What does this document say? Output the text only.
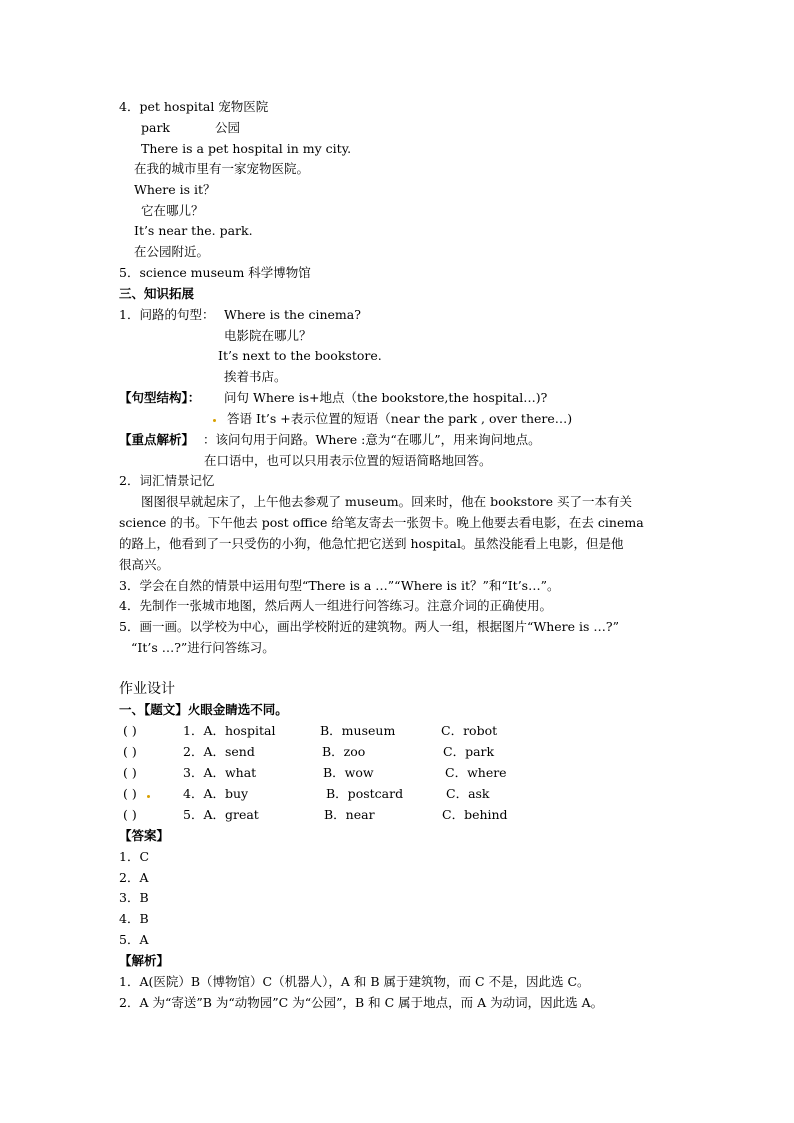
4．pet hospital 宠物医院
park	公园
There is a pet hospital in my city.
在我的城市里有一家宠物医院。
Where is it？
它在哪儿？
It’s near the. park.
在公园附近。
5．science museum 科学博物馆
三、知识拓展
1．问路的句型： Where is the cinema?
电影院在哪儿？
It’s next to the bookstore.
挨着书店。
【句型结构】： 问句 Where is+地点（the bookstore,the hospital…)?
答语 It’s +表示位置的短语（near the park , over there…)
【重点解析】 ：该问句用于问路。Where :意为“在哪儿”，用来询问地点。
在口语中，也可以只用表示位置的短语简略地回答。
2．词汇情景记忆
图图很早就起床了，上午他去参观了 museum。回来时，他在 bookstore 买了一本有关
science 的书。下午他去 post office 给笔友寄去一张贺卡。晚上他要去看电影，在去 cinema
的路上，他看到了一只受伤的小狗，他急忙把它送到 hospital。虽然没能看上电影，但是他
很高兴。
3．学会在自然的情景中运用句型“There is a …”“Where is it？”和“It’s…”。
4．先制作一张城市地图，然后两人一组进行问答练习。注意介词的正确使用。
5．画一画。以学校为中心，画出学校附近的建筑物。两人一组，根据图片“Where is …?”
“It’s …?”进行问答练习。
作业设计
一、【题文】火眼金睛选不同。
( )	1．A．hospital	B．museum	C．robot
( )	2．A．send	B．zoo	C．park
( )	3．A．what	B．wow	C．where
( )	4．A．buy	B．postcard	C．ask
( )	5．A．great	B．near	C．behind
【答案】
1．C
2．A
3．B
4．B
5．A
【解析】
1．A(医院）B（博物馆）C（机器人），A 和 B 属于建筑物，而 C 不是，因此选 C。
2．A 为“寄送”B 为“动物园”C 为“公园”，B 和 C 属于地点，而 A 为动词，因此选 A。
